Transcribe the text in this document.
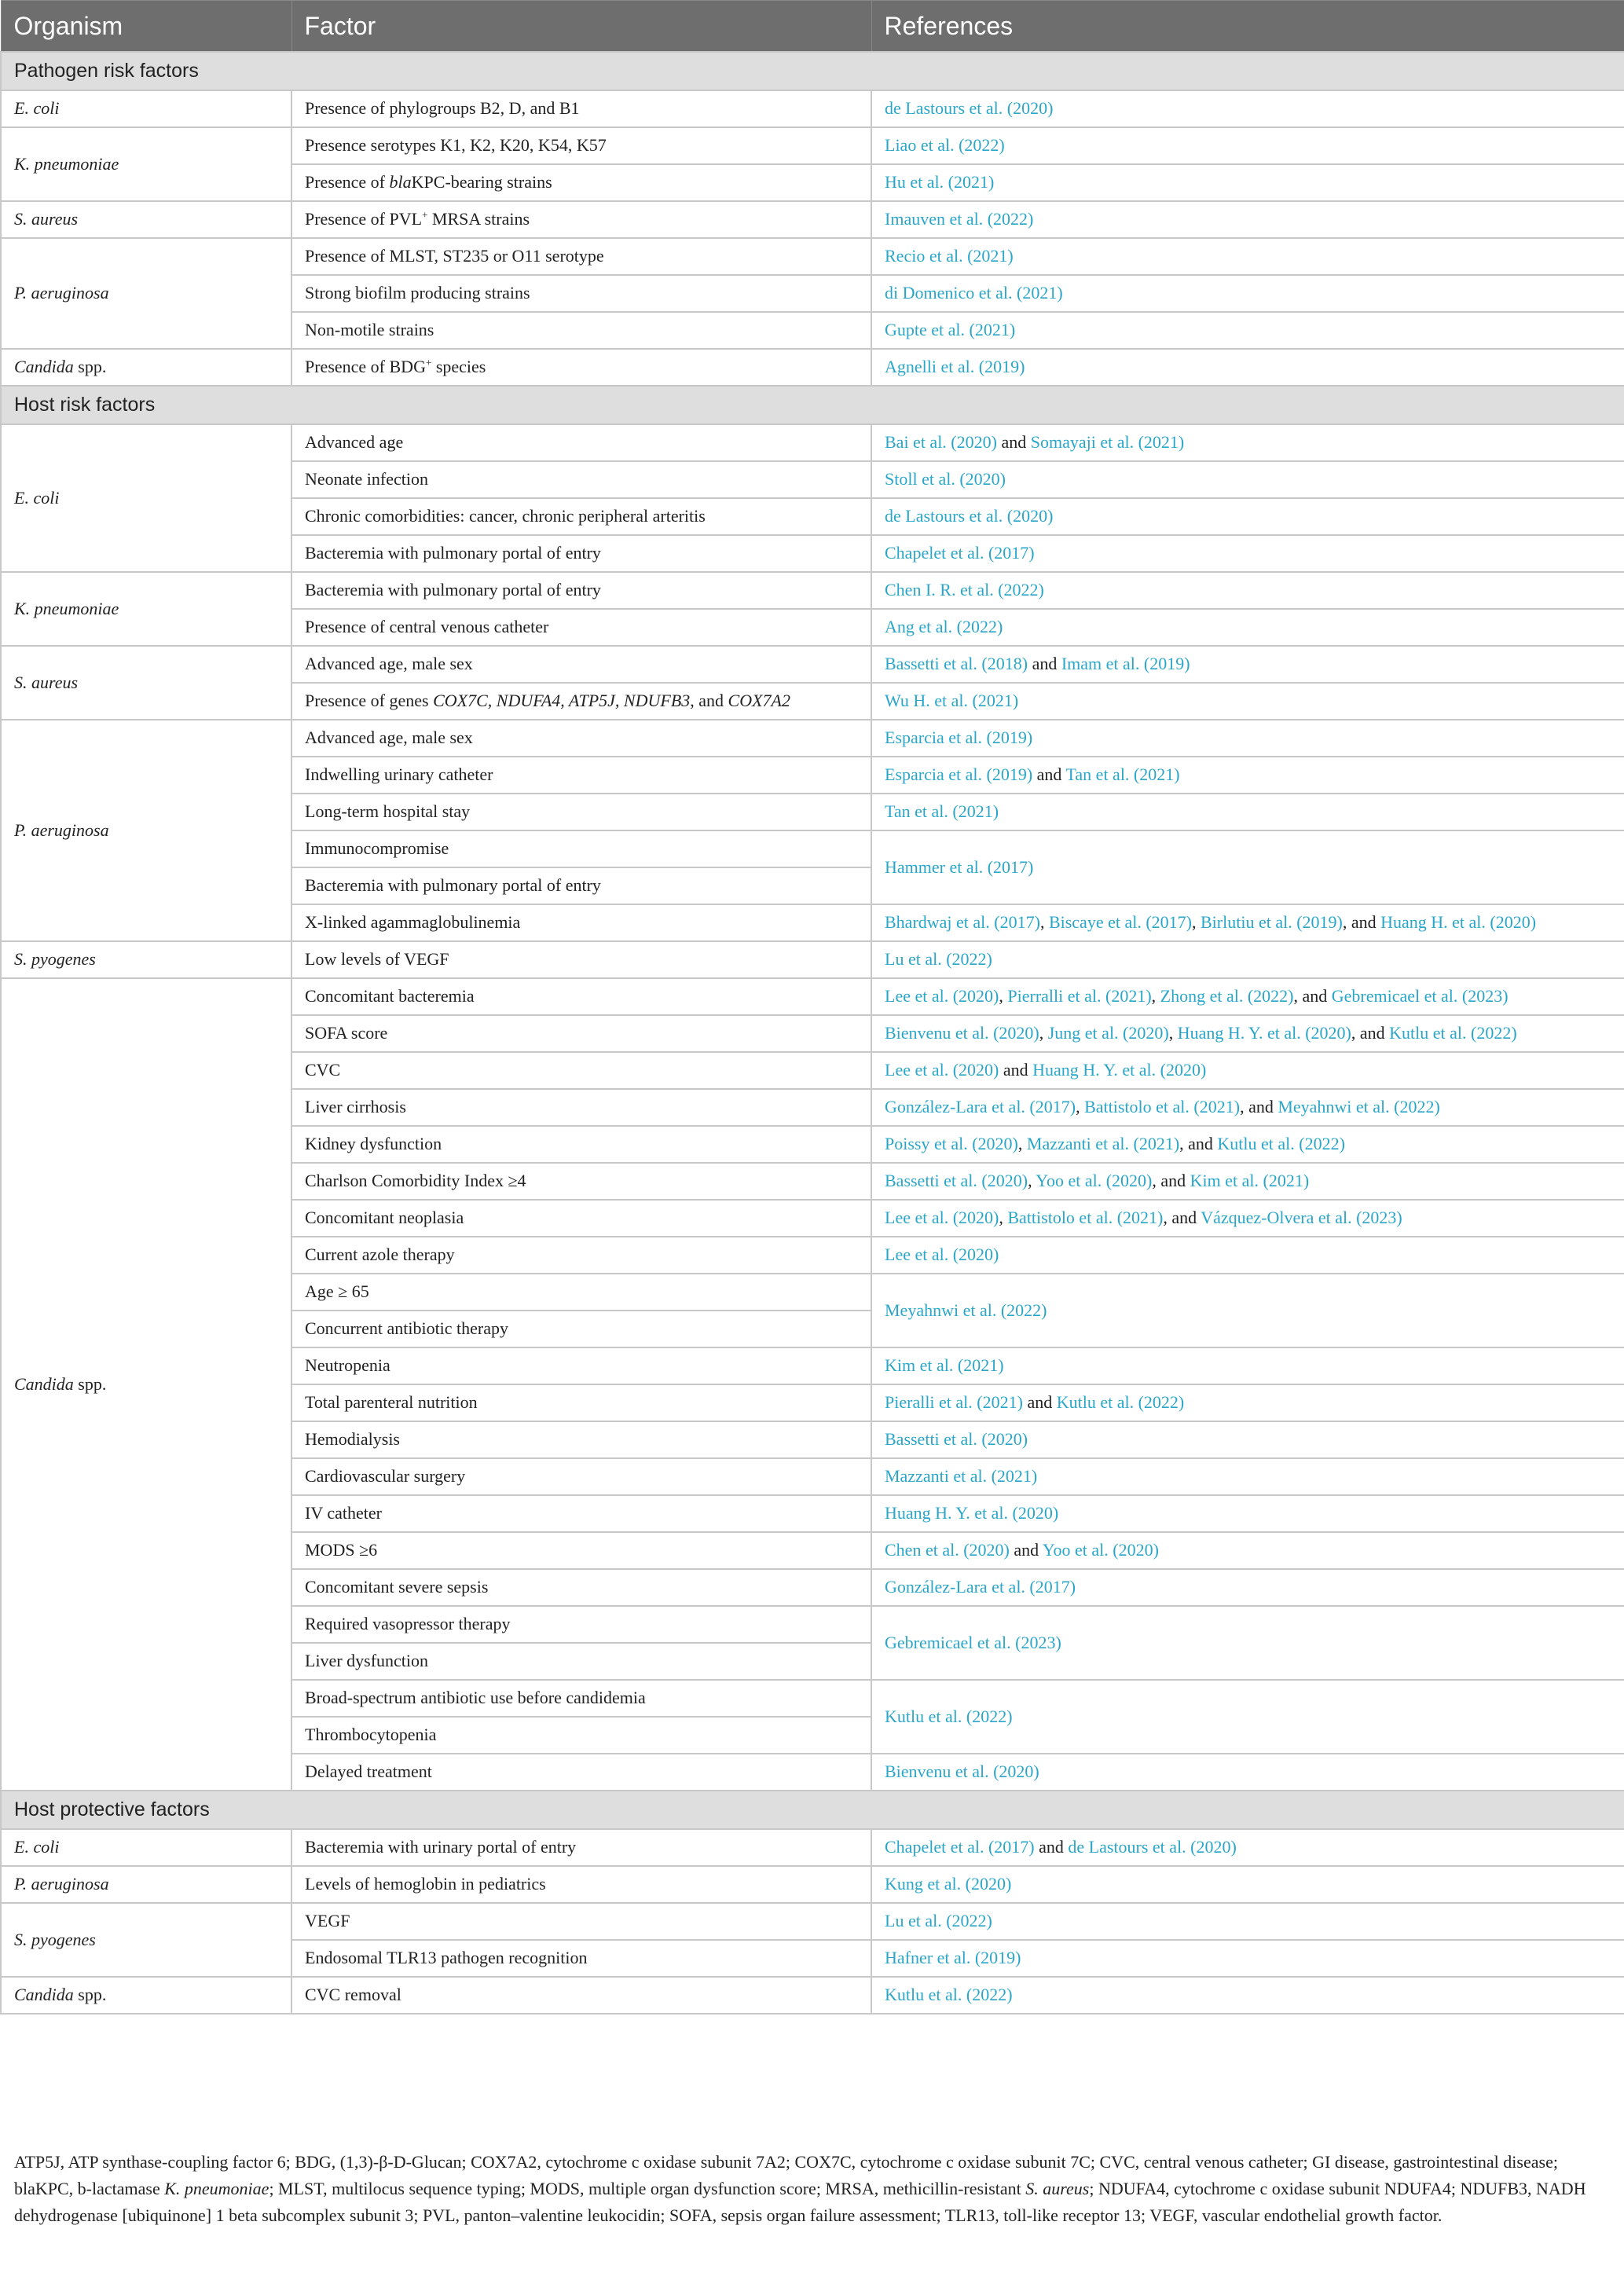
Organism	Factor	References
Pathogen risk factors		
E. coli	Presence of phylogroups B2, D, and B1	de Lastours et al. (2020)
K. pneumoniae	Presence serotypes K1, K2, K20, K54, K57	Liao et al. (2022)
	Presence of blaKPC-bearing strains	Hu et al. (2021)
S. aureus	Presence of PVL+ MRSA strains	Imauven et al. (2022)
P. aeruginosa	Presence of MLST, ST235 or O11 serotype	Recio et al. (2021)
	Strong biofilm producing strains	di Domenico et al. (2021)
	Non-motile strains	Gupte et al. (2021)
Candida spp.	Presence of BDG+ species	Agnelli et al. (2019)
Host risk factors		
E. coli	Advanced age	Bai et al. (2020) and Somayaji et al. (2021)
	Neonate infection	Stoll et al. (2020)
	Chronic comorbidities: cancer, chronic peripheral arteritis	de Lastours et al. (2020)
	Bacteremia with pulmonary portal of entry	Chapelet et al. (2017)
K. pneumoniae	Bacteremia with pulmonary portal of entry	Chen I. R. et al. (2022)
	Presence of central venous catheter	Ang et al. (2022)
S. aureus	Advanced age, male sex	Bassetti et al. (2018) and Imam et al. (2019)
	Presence of genes COX7C, NDUFA4, ATP5J, NDUFB3, and COX7A2	Wu H. et al. (2021)
P. aeruginosa	Advanced age, male sex	Esparcia et al. (2019)
	Indwelling urinary catheter	Esparcia et al. (2019) and Tan et al. (2021)
	Long-term hospital stay	Tan et al. (2021)
	Immunocompromise	Hammer et al. (2017)
	Bacteremia with pulmonary portal of entry	
	X-linked agammaglobulinemia	Bhardwaj et al. (2017), Biscaye et al. (2017), Birlutiu et al. (2019), and Huang H. et al. (2020)
S. pyogenes	Low levels of VEGF	Lu et al. (2022)
Candida spp.	Concomitant bacteremia	Lee et al. (2020), Pierralli et al. (2021), Zhong et al. (2022), and Gebremicael et al. (2023)
	SOFA score	Bienvenu et al. (2020), Jung et al. (2020), Huang H. Y. et al. (2020), and Kutlu et al. (2022)
	CVC	Lee et al. (2020) and Huang H. Y. et al. (2020)
	Liver cirrhosis	González-Lara et al. (2017), Battistolo et al. (2021), and Meyahnwi et al. (2022)
	Kidney dysfunction	Poissy et al. (2020), Mazzanti et al. (2021), and Kutlu et al. (2022)
	Charlson Comorbidity Index ≥4	Bassetti et al. (2020), Yoo et al. (2020), and Kim et al. (2021)
	Concomitant neoplasia	Lee et al. (2020), Battistolo et al. (2021), and Vázquez-Olvera et al. (2023)
	Current azole therapy	Lee et al. (2020)
	Age ≥ 65	Meyahnwi et al. (2022)
	Concurrent antibiotic therapy	
	Neutropenia	Kim et al. (2021)
	Total parenteral nutrition	Pieralli et al. (2021) and Kutlu et al. (2022)
	Hemodialysis	Bassetti et al. (2020)
	Cardiovascular surgery	Mazzanti et al. (2021)
	IV catheter	Huang H. Y. et al. (2020)
	MODS ≥6	Chen et al. (2020) and Yoo et al. (2020)
	Concomitant severe sepsis	González-Lara et al. (2017)
	Required vasopressor therapy	Gebremicael et al. (2023)
	Liver dysfunction	
	Broad-spectrum antibiotic use before candidemia	Kutlu et al. (2022)
	Thrombocytopenia	
	Delayed treatment	Bienvenu et al. (2020)
Host protective factors		
E. coli	Bacteremia with urinary portal of entry	Chapelet et al. (2017) and de Lastours et al. (2020)
P. aeruginosa	Levels of hemoglobin in pediatrics	Kung et al. (2020)
S. pyogenes	VEGF	Lu et al. (2022)
	Endosomal TLR13 pathogen recognition	Hafner et al. (2019)
Candida spp.	CVC removal	Kutlu et al. (2022)
ATP5J, ATP synthase-coupling factor 6; BDG, (1,3)-β-D-Glucan; COX7A2, cytochrome c oxidase subunit 7A2; COX7C, cytochrome c oxidase subunit 7C; CVC, central venous catheter; GI disease, gastrointestinal disease; blaKPC, b-lactamase K. pneumoniae; MLST, multilocus sequence typing; MODS, multiple organ dysfunction score; MRSA, methicillin-resistant S. aureus; NDUFA4, cytochrome c oxidase subunit NDUFA4; NDUFB3, NADH dehydrogenase [ubiquinone] 1 beta subcomplex subunit 3; PVL, panton–valentine leukocidin; SOFA, sepsis organ failure assessment; TLR13, toll-like receptor 13; VEGF, vascular endothelial growth factor.
